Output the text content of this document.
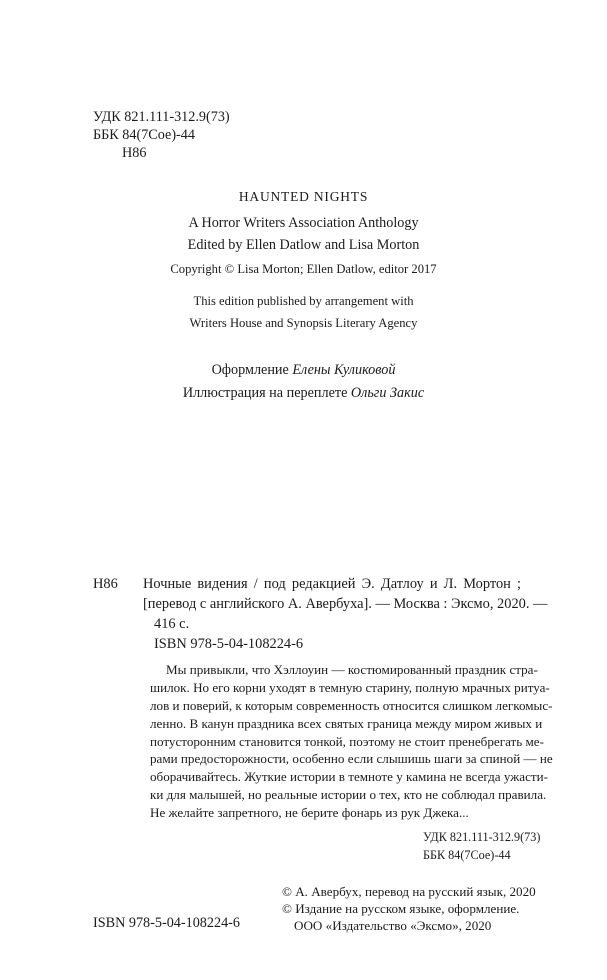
УДК 821.111-312.9(73)
ББК 84(7Сое)-44
Н86
HAUNTED NIGHTS
A Horror Writers Association Anthology
Edited by Ellen Datlow and Lisa Morton
Copyright © Lisa Morton; Ellen Datlow, editor 2017
This edition published by arrangement with
Writers House and Synopsis Literary Agency
Оформление Елены Куликовой
Иллюстрация на переплете Ольги Закис
Н86 Ночные видения / под редакцией Э. Датлоу и Л. Мортон ;
[перевод с английского А. Авербуха]. — Москва : Эксмо, 2020. —
416 с.
ISBN 978-5-04-108224-6
Мы привыкли, что Хэллоуин — костюмированный праздник стра-
шилок. Но его корни уходят в темную старину, полную мрачных ритуа-
лов и поверий, к которым современность относится слишком легкомыс-
ленно. В канун праздника всех святых граница между миром живых и
потусторонним становится тонкой, поэтому не стоит пренебрегать ме-
рами предосторожности, особенно если слышишь шаги за спиной — не
оборачивайтесь. Жуткие истории в темноте у камина не всегда ужасти-
ки для малышей, но реальные истории о тех, кто не соблюдал правила.
Не желайте запретного, не берите фонарь из рук Джека...
УДК 821.111-312.9(73)
ББК 84(7Сое)-44
© А. Авербух, перевод на русский язык, 2020
© Издание на русском языке, оформление.
ООО «Издательство «Эксмо», 2020
ISBN 978-5-04-108224-6
